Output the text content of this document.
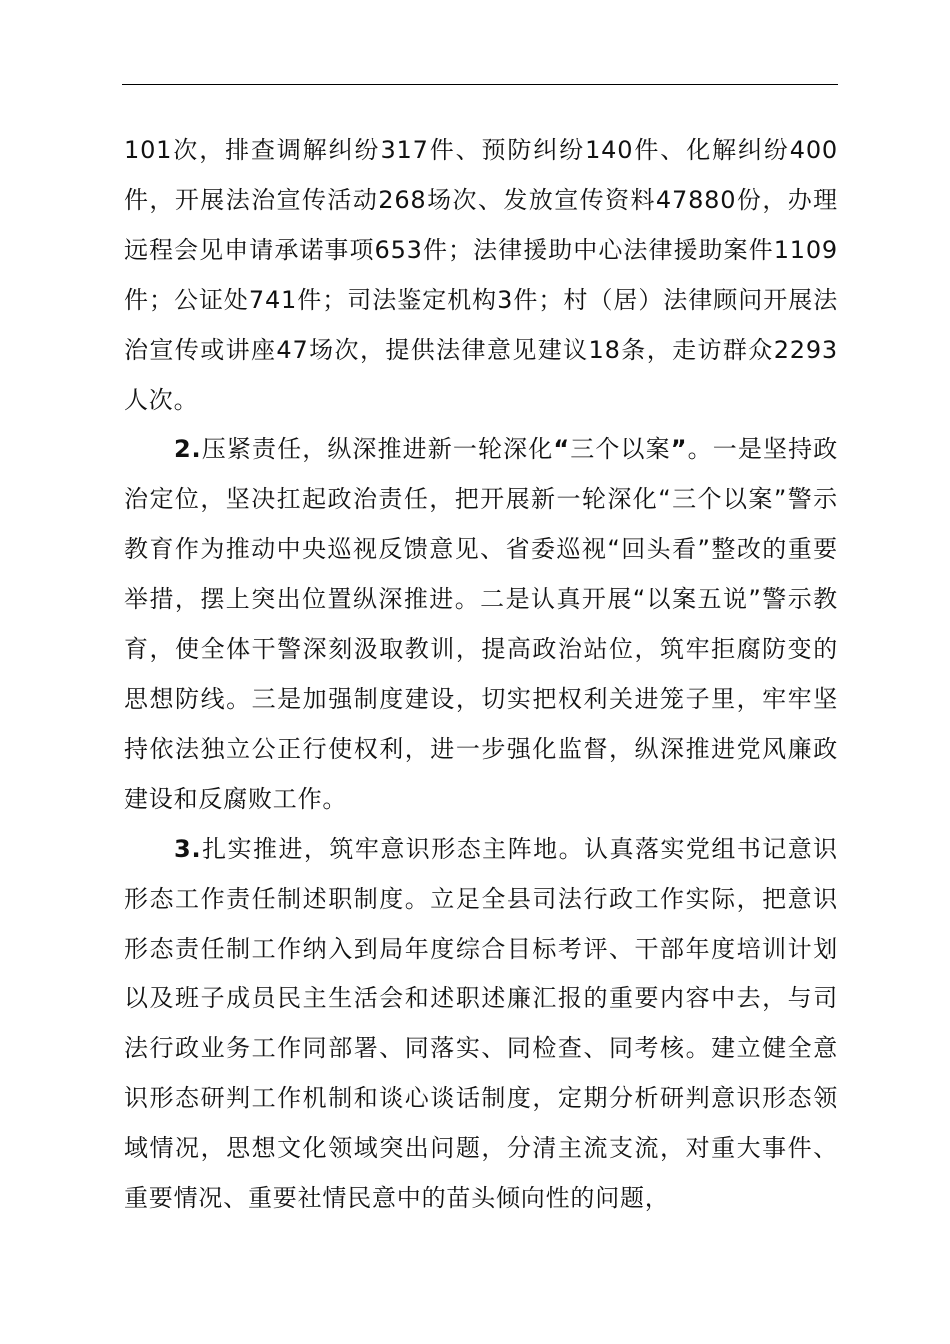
101次，排查调解纠纷317件、预防纠纷140件、化解纠纷400件，开展法治宣传活动268场次、发放宣传资料47880份，办理远程会见申请承诺事项653件；法律援助中心法律援助案件1109件；公证处741件；司法鉴定机构3件；村（居）法律顾问开展法治宣传或讲座47场次，提供法律意见建议18条，走访群众2293人次。

2.压紧责任，纵深推进新一轮深化“三个以案”。一是坚持政治定位，坚决扛起政治责任，把开展新一轮深化“三个以案”警示教育作为推动中央巡视反馈意见、省委巡视“回头看”整改的重要举措，摆上突出位置纵深推进。二是认真开展“以案五说”警示教育，使全体干警深刻汲取教训，提高政治站位，筑牢拒腐防变的思想防线。三是加强制度建设，切实把权利关进笼子里，牢牢坚持依法独立公正行使权利，进一步强化监督，纵深推进党风廉政建设和反腐败工作。

3.扎实推进，筑牢意识形态主阵地。认真落实党组书记意识形态工作责任制述职制度。立足全县司法行政工作实际，把意识形态责任制工作纳入到局年度综合目标考评、干部年度培训计划以及班子成员民主生活会和述职述廉汇报的重要内容中去，与司法行政业务工作同部署、同落实、同检查、同考核。建立健全意识形态研判工作机制和谈心谈话制度，定期分析研判意识形态领域情况，思想文化领域突出问题，分清主流支流，对重大事件、重要情况、重要社情民意中的苗头倾向性的问题，
